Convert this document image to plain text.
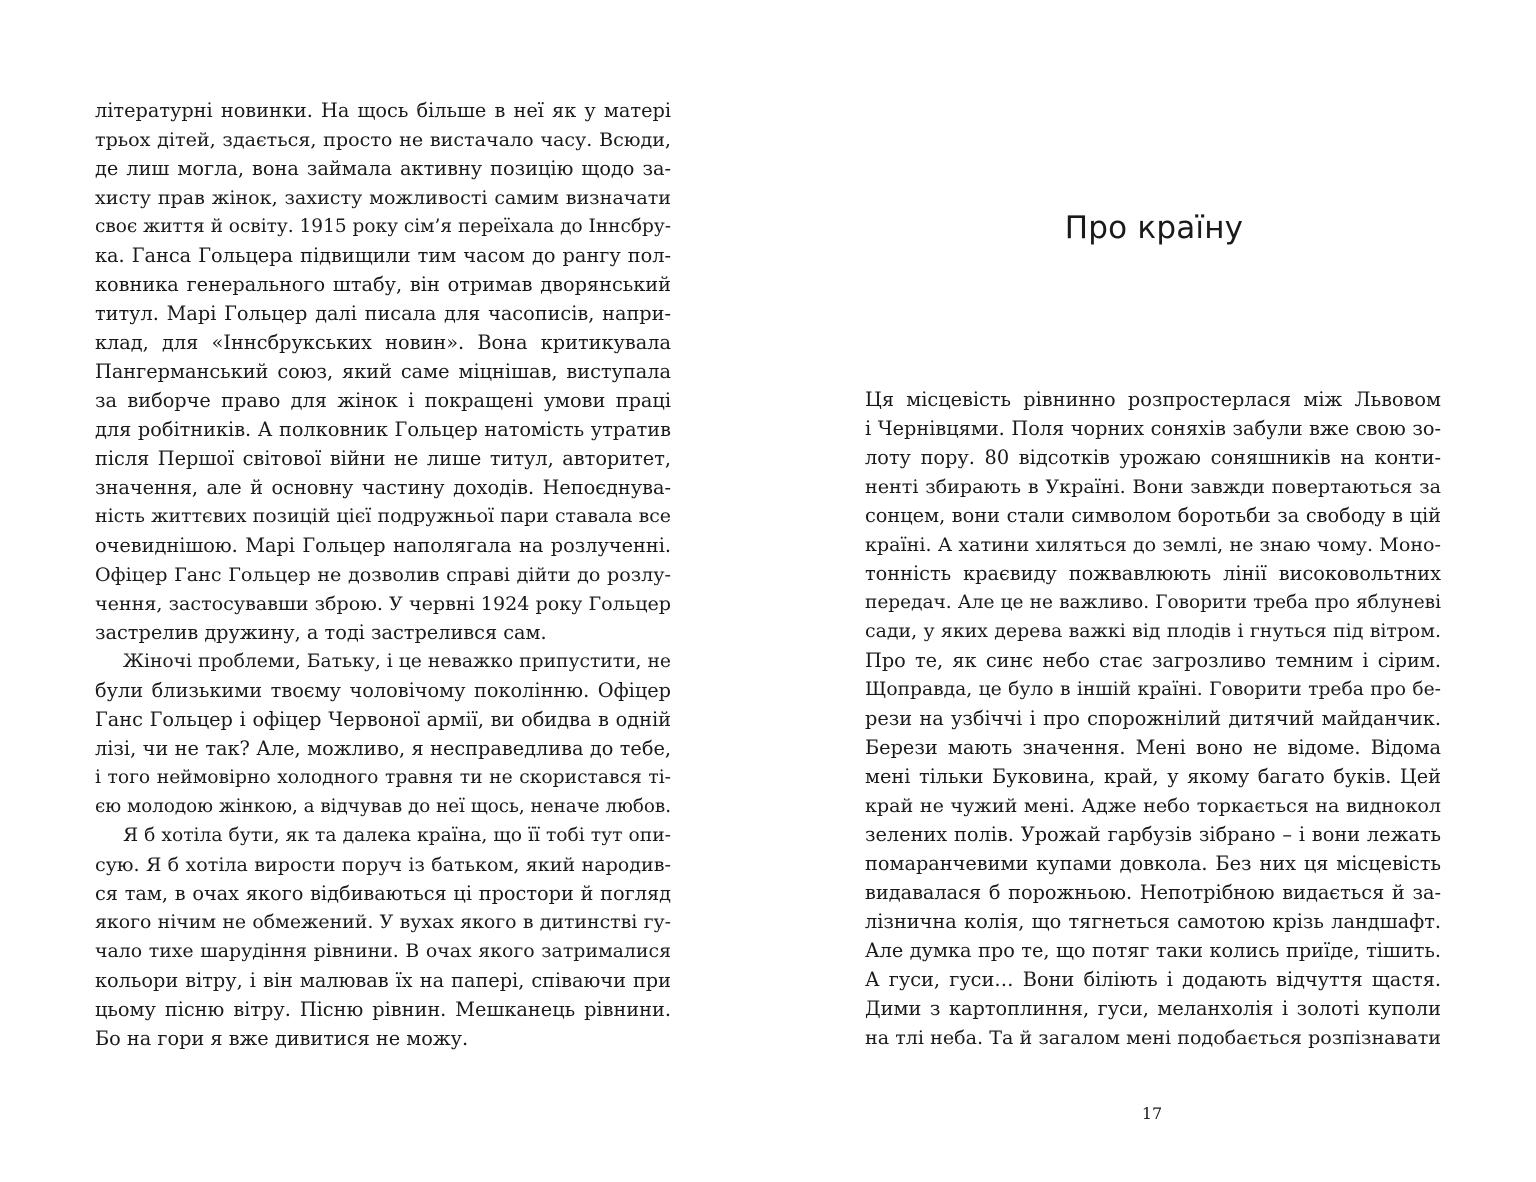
літературні новинки. На щось більше в неї як у матері
трьох дітей, здається, просто не вистачало часу. Всюди,
де лиш могла, вона займала активну позицію щодо за-
хисту прав жінок, захисту можливості самим визначати
своє життя й освіту. 1915 року сім’я переїхала до Іннсбру-
ка. Ганса Гольцера підвищили тим часом до рангу пол-
ковника генерального штабу, він отримав дворянський
титул. Марі Гольцер далі писала для часописів, напри-
клад, для «Іннсбрукських новин». Вона критикувала
Пангерманський союз, який саме міцнішав, виступала
за виборче право для жінок і покращені умови праці
для робітників. А полковник Гольцер натомість утратив
після Першої світової війни не лише титул, авторитет,
значення, але й основну частину доходів. Непоєднува-
ність життєвих позицій цієї подружньої пари ставала все
очевиднішою. Марі Гольцер наполягала на розлученні.
Офіцер Ганс Гольцер не дозволив справі дійти до розлу-
чення, застосувавши зброю. У червні 1924 року Гольцер
застрелив дружину, а тоді застрелився сам.
Жіночі проблеми, Батьку, і це неважко припустити, не
були близькими твоєму чоловічому поколінню. Офіцер
Ганс Гольцер і офіцер Червоної армії, ви обидва в одній
лізі, чи не так? Але, можливо, я несправедлива до тебе,
і того неймовірно холодного травня ти не скористався ті-
єю молодою жінкою, а відчував до неї щось, неначе любов.
Я б хотіла бути, як та далека країна, що її тобі тут опи-
сую. Я б хотіла вирости поруч із батьком, який народив-
ся там, в очах якого відбиваються ці простори й погляд
якого нічим не обмежений. У вухах якого в дитинстві гу-
чало тихе шарудіння рівнини. В очах якого затрималися
кольори вітру, і він малював їх на папері, співаючи при
цьому пісню вітру. Пісню рівнин. Мешканець рівнини.
Бо на гори я вже дивитися не можу.
Про країну
Ця місцевість рівнинно розпростерлася між Львовом
і Чернівцями. Поля чорних соняхів забули вже свою зо-
лоту пору. 80 відсотків урожаю соняшників на конти-
ненті збирають в Україні. Вони завжди повертаються за
сонцем, вони стали символом боротьби за свободу в цій
країні. А хатини хиляться до землі, не знаю чому. Моно-
тонність краєвиду пожвавлюють лінії високовольтних
передач. Але це не важливо. Говорити треба про яблуневі
сади, у яких дерева важкі від плодів і гнуться під вітром.
Про те, як синє небо стає загрозливо темним і сірим.
Щоправда, це було в іншій країні. Говорити треба про бе-
рези на узбіччі і про спорожнілий дитячий майданчик.
Берези мають значення. Мені воно не відоме. Відома
мені тільки Буковина, край, у якому багато буків. Цей
край не чужий мені. Адже небо торкається на виднокол
зелених полів. Урожай гарбузів зібрано – і вони лежать
помаранчевими купами довкола. Без них ця місцевість
видавалася б порожньою. Непотрібною видається й за-
лізнична колія, що тягнеться самотою крізь ландшафт.
Але думка про те, що потяг таки колись приїде, тішить.
А гуси, гуси… Вони біліють і додають відчуття щастя.
Дими з картоплиння, гуси, меланхолія і золоті куполи
на тлі неба. Та й загалом мені подобається розпізнавати
17
